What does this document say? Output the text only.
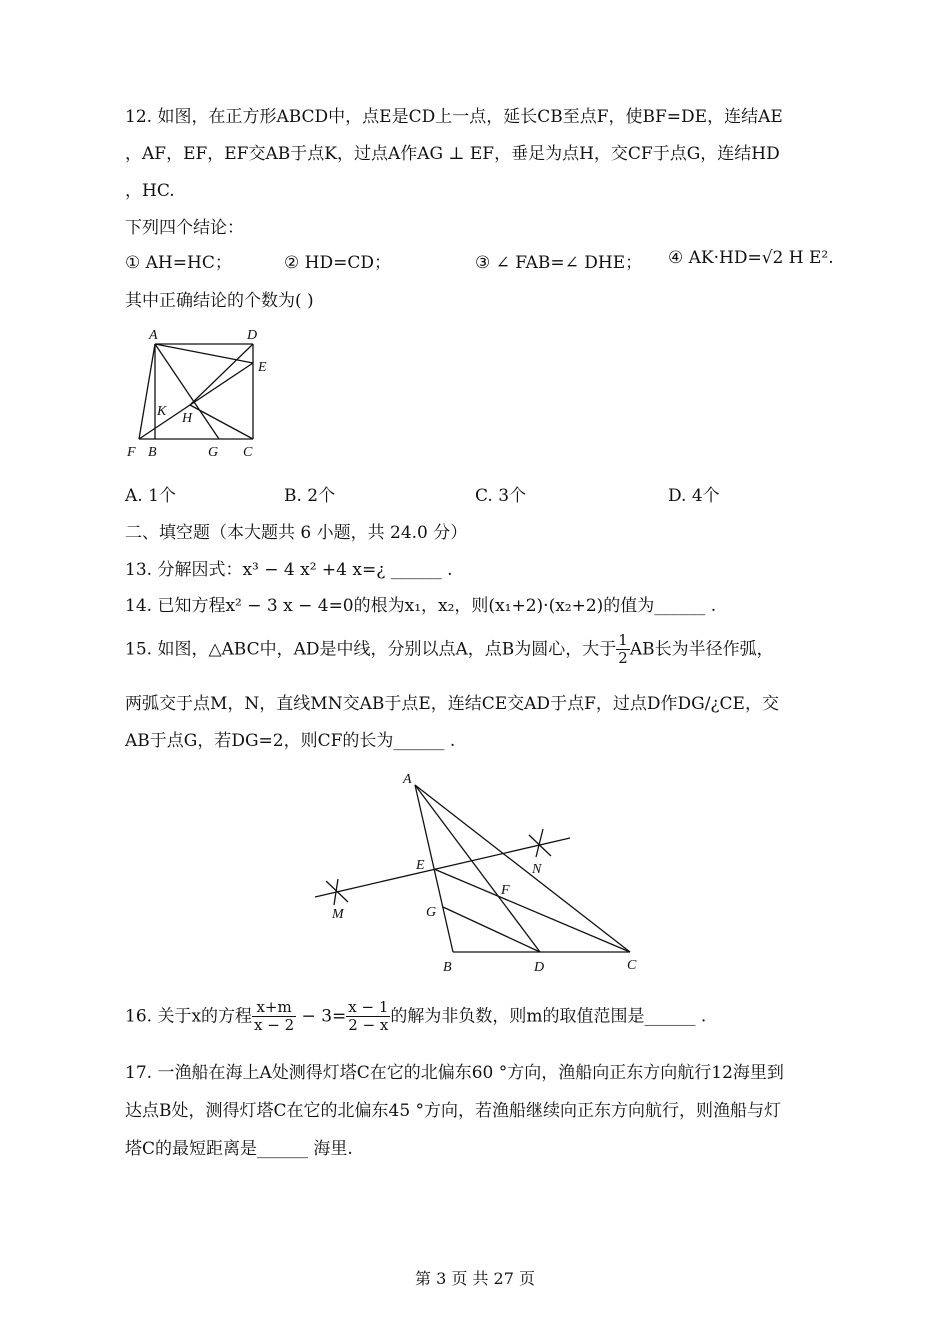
12. 如图，在正方形ABCD中，点E是CD上一点，延长CB至点F，使BF=DE，连结AE
，AF，EF，EF交AB于点K，过点A作AG ⊥ EF，垂足为点H，交CF于点G，连结HD
，HC.
下列四个结论：
① AH=HC；	② HD=CD；	③ ∠ FAB=∠ DHE； ④ AK·HD=√2 H E².
其中正确结论的个数为( )
A	D
E
K H
F B	G C
A. 1个	B. 2个	C. 3个	D. 4个
二、填空题（本大题共 6 小题，共 24.0 分）
13. 分解因式：x³ − 4 x² +4 x=¿ ______ .
14. 已知方程x² − 3 x − 4=0的根为x₁，x₂，则(x₁+2)·(x₂+2)的值为______ .
15. 如图，△ABC中，AD是中线，分别以点A，点B为圆心，大于 $\frac{1}{2}$ AB长为半径作弧，
两弧交于点M，N，直线MN交AB于点E，连结CE交AD于点F，过点D作DG/¿CE，交
AB于点G，若DG=2，则CF的长为______ .
A
N
E
F
G
M
B	D	C
16. 关于x的方程 $\frac{x+m}{x - 2} - 3= \frac{x - 1}{2 - x}$ 的解为非负数，则m的取值范围是______ .
17. 一渔船在海上A处测得灯塔C在它的北偏东60 °方向，渔船向正东方向航行12海里到
达点B处，测得灯塔C在它的北偏东45 °方向，若渔船继续向正东方向航行，则渔船与灯
塔C的最短距离是______ 海里.
第 3 页 共 27 页
